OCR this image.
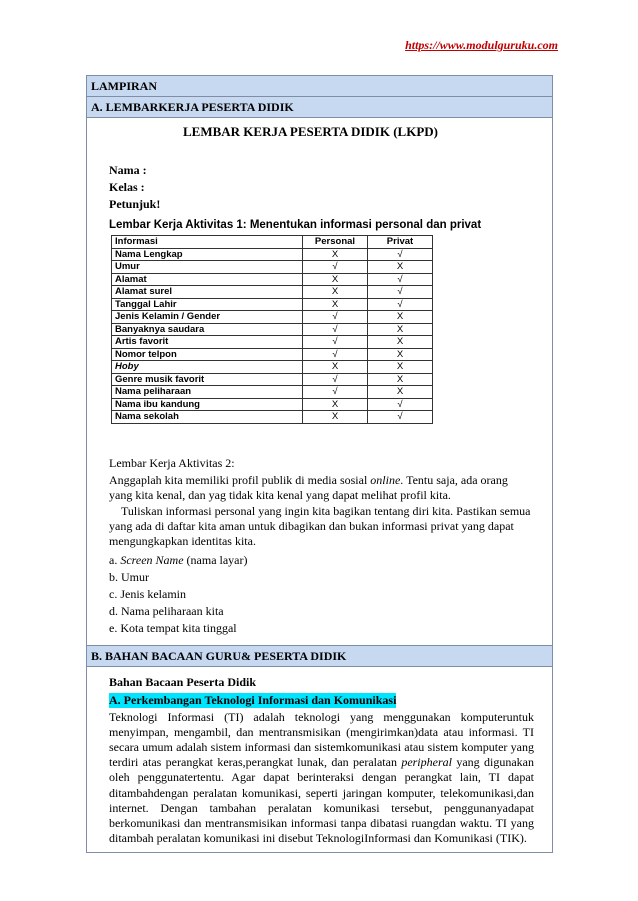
https://www.modulguruku.com
LAMPIRAN
A. LEMBARKERJA PESERTA DIDIK
LEMBAR KERJA PESERTA DIDIK (LKPD)
Nama :
Kelas :
Petunjuk!
Lembar Kerja Aktivitas 1: Menentukan informasi personal dan privat
Informasi	Personal	Privat
Nama Lengkap	X	√
Umur	√	X
Alamat	X	√
Alamat surel	X	√
Tanggal Lahir	X	√
Jenis Kelamin / Gender	√	X
Banyaknya saudara	√	X
Artis favorit	√	X
Nomor telpon	√	X
Hoby	X	X
Genre musik favorit	√	X
Nama peliharaan	√	X
Nama ibu kandung	X	√
Nama sekolah	X	√
Lembar Kerja Aktivitas 2:
Anggaplah kita memiliki profil publik di media sosial online. Tentu saja, ada orang yang kita kenal, dan yag tidak kita kenal yang dapat melihat profil kita.
Tuliskan informasi personal yang ingin kita bagikan tentang diri kita. Pastikan semua yang ada di daftar kita aman untuk dibagikan dan bukan informasi privat yang dapat mengungkapkan identitas kita.
a. Screen Name (nama layar)
b. Umur
c. Jenis kelamin
d. Nama peliharaan kita
e. Kota tempat kita tinggal
B. BAHAN BACAAN GURU& PESERTA DIDIK
Bahan Bacaan Peserta Didik
A. Perkembangan Teknologi Informasi dan Komunikasi
Teknologi Informasi (TI) adalah teknologi yang menggunakan komputeruntuk menyimpan, mengambil, dan mentransmisikan (mengirimkan)data atau informasi. TI secara umum adalah sistem informasi dan sistemkomunikasi atau sistem komputer yang terdiri atas perangkat keras,perangkat lunak, dan peralatan peripheral yang digunakan oleh penggunatertentu. Agar dapat berinteraksi dengan perangkat lain, TI dapat ditambahdengan peralatan komunikasi, seperti jaringan komputer, telekomunikasi,dan internet. Dengan tambahan peralatan komunikasi tersebut, penggunanyadapat berkomunikasi dan mentransmisikan informasi tanpa dibatasi ruangdan waktu. TI yang ditambah peralatan komunikasi ini disebut TeknologiInformasi dan Komunikasi (TIK).
